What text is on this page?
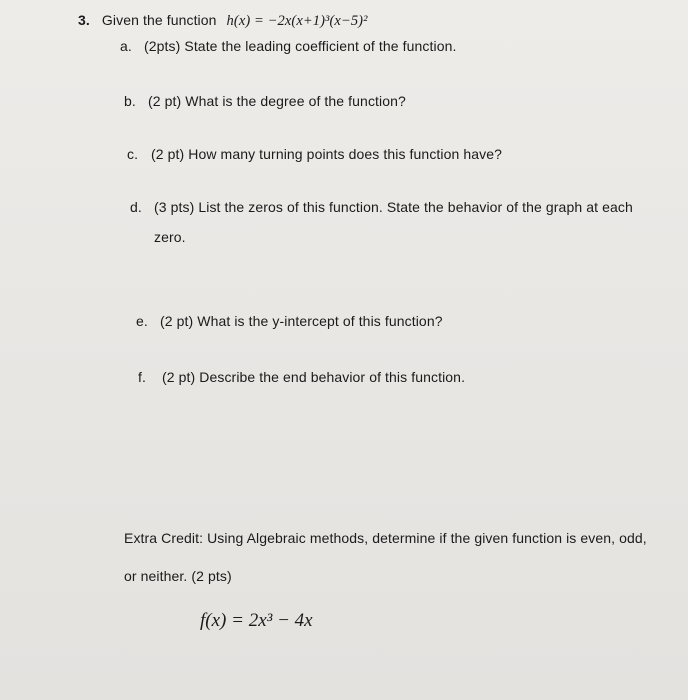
3. Given the function h(x) = −2x(x+1)³(x−5)²
a. (2pts) State the leading coefficient of the function.
b. (2 pt) What is the degree of the function?
c. (2 pt) How many turning points does this function have?
d. (3 pts) List the zeros of this function. State the behavior of the graph at each
zero.
e. (2 pt) What is the y-intercept of this function?
f. (2 pt) Describe the end behavior of this function.
Extra Credit: Using Algebraic methods, determine if the given function is even, odd,
or neither. (2 pts)
f(x) = 2x³ − 4x
